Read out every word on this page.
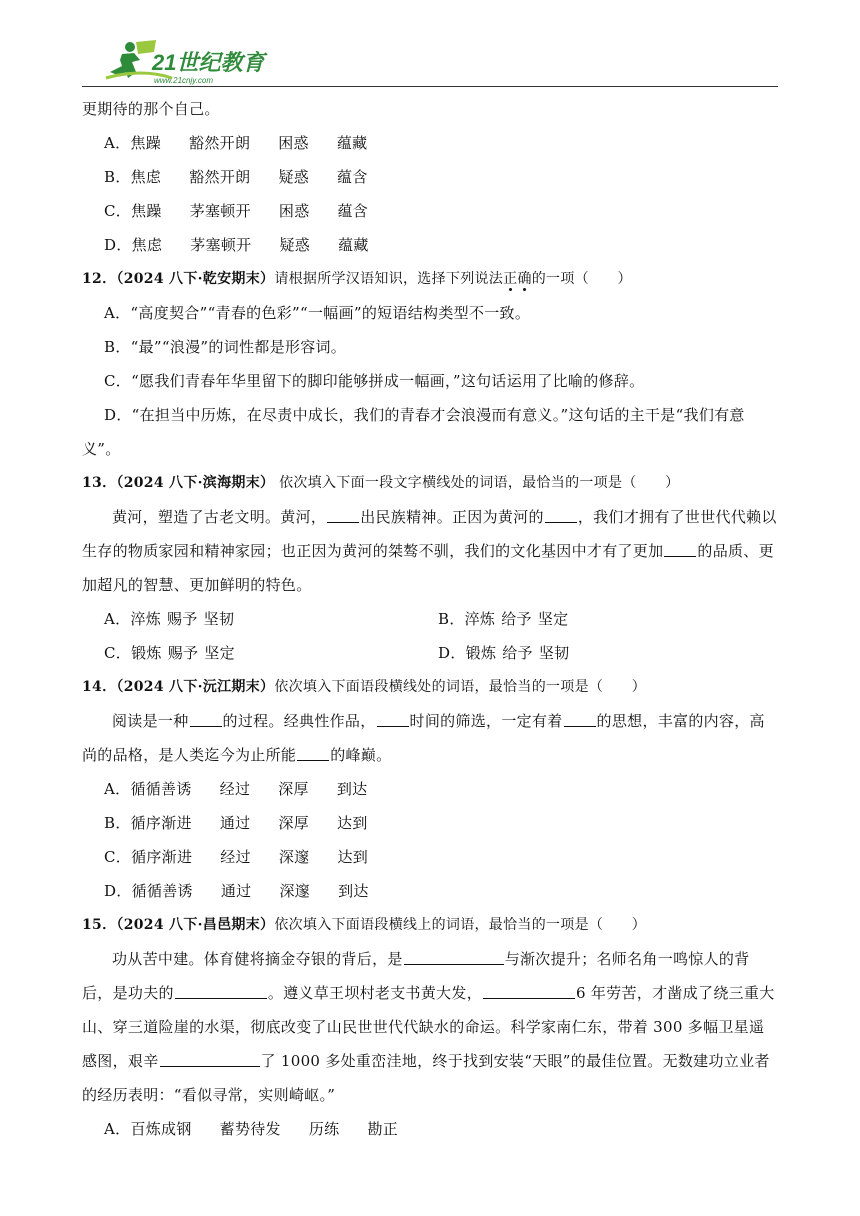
21世纪教育
www.21cnjy.com
更期待的那个自己。
A．焦躁 豁然开朗 困惑 蕴藏
B．焦虑 豁然开朗 疑惑 蕴含
C．焦躁 茅塞顿开 困惑 蕴含
D．焦虑 茅塞顿开 疑惑 蕴藏
12．（2024 八下·乾安期末）请根据所学汉语知识，选择下列说法正确的一项（　　）
A．“高度契合”“青春的色彩”“一幅画”的短语结构类型不一致。
B．“最”“浪漫”的词性都是形容词。
C．“愿我们青春年华里留下的脚印能够拼成一幅画，”这句话运用了比喻的修辞。
D．“在担当中历炼，在尽责中成长，我们的青春才会浪漫而有意义。”这句话的主干是“我们有意
义”。
13．（2024 八下·滨海期末） 依次填入下面一段文字横线处的词语，最恰当的一项是（　　）
黄河，塑造了古老文明。黄河， 出民族精神。正因为黄河的 ，我们才拥有了世世代代赖以生存的物质家园和精神家园；也正因为黄河的桀骜不驯，我们的文化基因中才有了更加 的品质、更加超凡的智慧、更加鲜明的特色。
A．淬炼 赐予 坚韧	B．淬炼 给予 坚定
C．锻炼 赐予 坚定	D．锻炼 给予 坚韧
14．（2024 八下·沅江期末）依次填入下面语段横线处的词语，最恰当的一项是（　　）
阅读是一种 的过程。经典性作品， 时间的筛选，一定有着 的思想，丰富的内容，高尚的品格，是人类迄今为止所能 的峰巅。
A．循循善诱 经过 深厚 到达
B．循序渐进 通过 深厚 达到
C．循序渐进 经过 深邃 达到
D．循循善诱 通过 深邃 到达
15．（2024 八下·昌邑期末）依次填入下面语段横线上的词语，最恰当的一项是（　　）
功从苦中建。体育健将摘金夺银的背后，是	与渐次提升；名师名角一鸣惊人的背后，是功夫的	。遵义草王坝村老支书黄大发，	6 年劳苦，才凿成了绕三重大山、穿三道险崖的水渠，彻底改变了山民世世代代缺水的命运。科学家南仁东，带着 300 多幅卫星遥感图，艰辛	了 1000 多处重峦洼地，终于找到安装“天眼”的最佳位置。无数建功立业者的经历表明：“看似寻常，实则崎岖。”
A．百炼成钢 蓄势待发 历练 勘正
